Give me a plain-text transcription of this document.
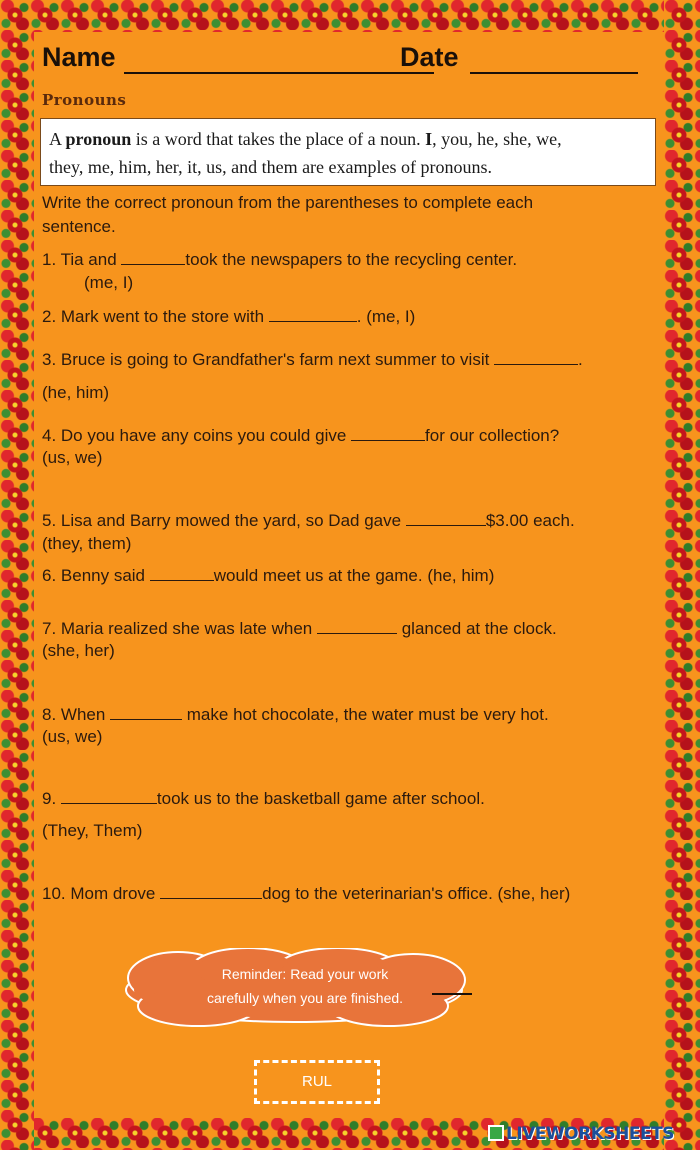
Name	Date
Pronouns
A pronoun is a word that takes the place of a noun. I, you, he, she, we,
they, me, him, her, it, us, and them are examples of pronouns.
Write the correct pronoun from the parentheses to complete each
sentence.
1. Tia and	took the newspapers to the recycling center.
(me, I)
2. Mark went to the store with	. (me, I)
3. Bruce is going to Grandfather's farm next summer to visit	.
(he, him)
4. Do you have any coins you could give	for our collection?
(us, we)
5. Lisa and Barry mowed the yard, so Dad gave	$3.00 each.
(they, them)
6. Benny said	would meet us at the game. (he, him)
7. Maria realized she was late when	glanced at the clock.
(she, her)
8. When	make hot chocolate, the water must be very hot.
(us, we)
9.	took us to the basketball game after school.
(They, Them)
10. Mom drove	dog to the veterinarian's office. (she, her)
Reminder: Read your work
carefully when you are finished.
RUL
LIVEWORKSHEETS
